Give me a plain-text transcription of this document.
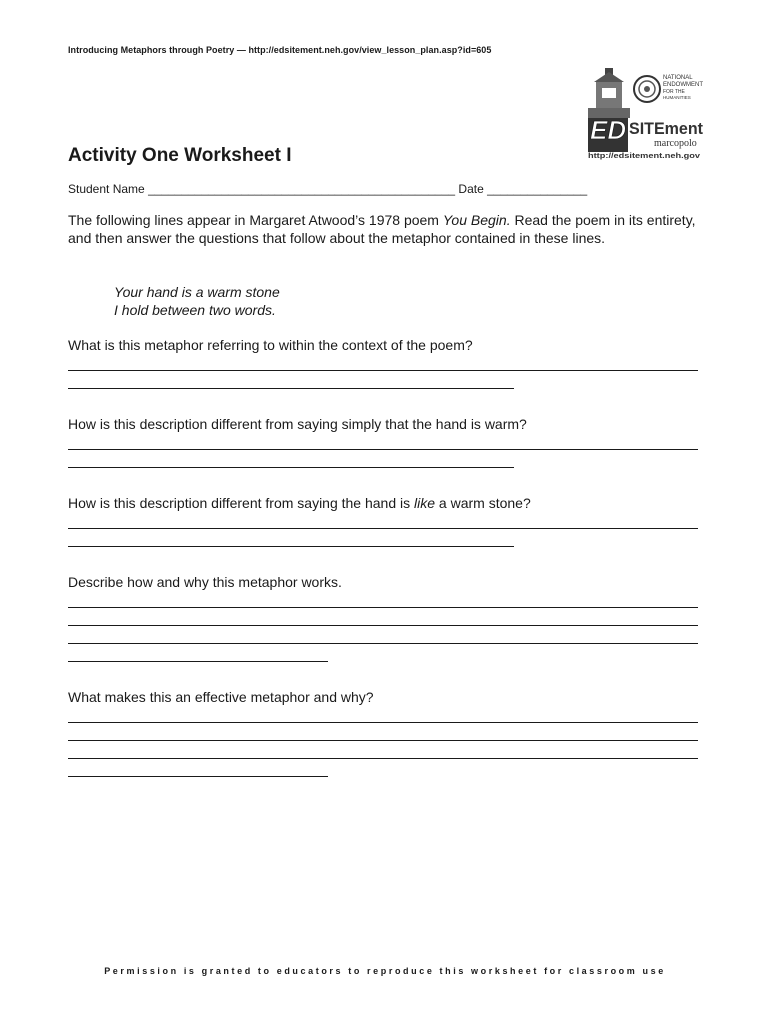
Introducing Metaphors through Poetry — http://edsitement.neh.gov/view_lesson_plan.asp?id=605
NATIONAL
ENDOWMENT
FOR THE
HUMANITIES
ED SITEment
marcopolo
http://edsitement.neh.gov
Activity One Worksheet I
Student Name ______________________________________________ Date _______________
The following lines appear in Margaret Atwood’s 1978 poem You Begin. Read the poem in its entirety, and then answer the questions that follow about the metaphor contained in these lines.
Your hand is a warm stone
I hold between two words.
What is this metaphor referring to within the context of the poem?
How is this description different from saying simply that the hand is warm?
How is this description different from saying the hand is like a warm stone?
Describe how and why this metaphor works.
What makes this an effective metaphor and why?
Permission is granted to educators to reproduce this worksheet for classroom use
